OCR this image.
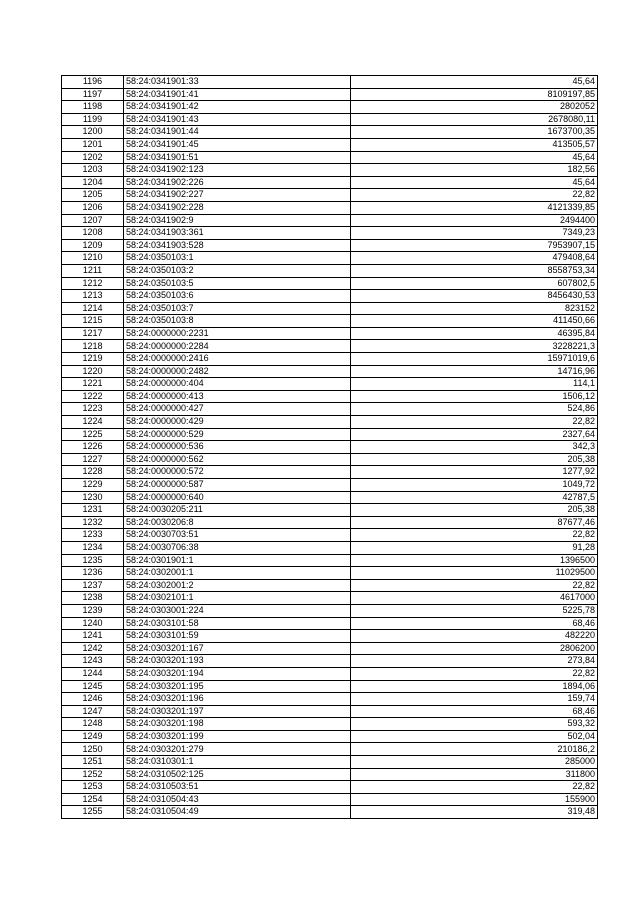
1196	58:24:0341901:33	45,64
1197	58:24:0341901:41	8109197,85
1198	58:24:0341901:42	2802052
1199	58:24:0341901:43	2678080,11
1200	58:24:0341901:44	1673700,35
1201	58:24:0341901:45	413505,57
1202	58:24:0341901:51	45,64
1203	58:24:0341902:123	182,56
1204	58:24:0341902:226	45,64
1205	58:24:0341902:227	22,82
1206	58:24:0341902:228	4121339,85
1207	58:24:0341902:9	2494400
1208	58:24:0341903:361	7349,23
1209	58:24:0341903:528	7953907,15
1210	58:24:0350103:1	479408,64
1211	58:24:0350103:2	8558753,34
1212	58:24:0350103:5	607802,5
1213	58:24:0350103:6	8456430,53
1214	58:24:0350103:7	823152
1215	58:24:0350103:8	411450,66
1217	58:24:0000000:2231	46395,84
1218	58:24:0000000:2284	3228221,3
1219	58:24:0000000:2416	15971019,6
1220	58:24:0000000:2482	14716,96
1221	58:24:0000000:404	114,1
1222	58:24:0000000:413	1506,12
1223	58:24:0000000:427	524,86
1224	58:24:0000000:429	22,82
1225	58:24:0000000:529	2327,64
1226	58:24:0000000:536	342,3
1227	58:24:0000000:562	205,38
1228	58:24:0000000:572	1277,92
1229	58:24:0000000:587	1049,72
1230	58:24:0000000:640	42787,5
1231	58:24:0030205:211	205,38
1232	58:24:0030206:8	87677,46
1233	58:24:0030703:51	22,82
1234	58:24:0030706:38	91,28
1235	58:24:0301901:1	1396500
1236	58:24:0302001:1	11029500
1237	58:24:0302001:2	22,82
1238	58:24:0302101:1	4617000
1239	58:24:0303001:224	5225,78
1240	58:24:0303101:58	68,46
1241	58:24:0303101:59	482220
1242	58:24:0303201:167	2806200
1243	58:24:0303201:193	273,84
1244	58:24:0303201:194	22,82
1245	58:24:0303201:195	1894,06
1246	58:24:0303201:196	159,74
1247	58:24:0303201:197	68,46
1248	58:24:0303201:198	593,32
1249	58:24:0303201:199	502,04
1250	58:24:0303201:279	210186,2
1251	58:24:0310301:1	285000
1252	58:24:0310502:125	311800
1253	58:24:0310503:51	22,82
1254	58:24:0310504:43	155900
1255	58:24:0310504:49	319,48
